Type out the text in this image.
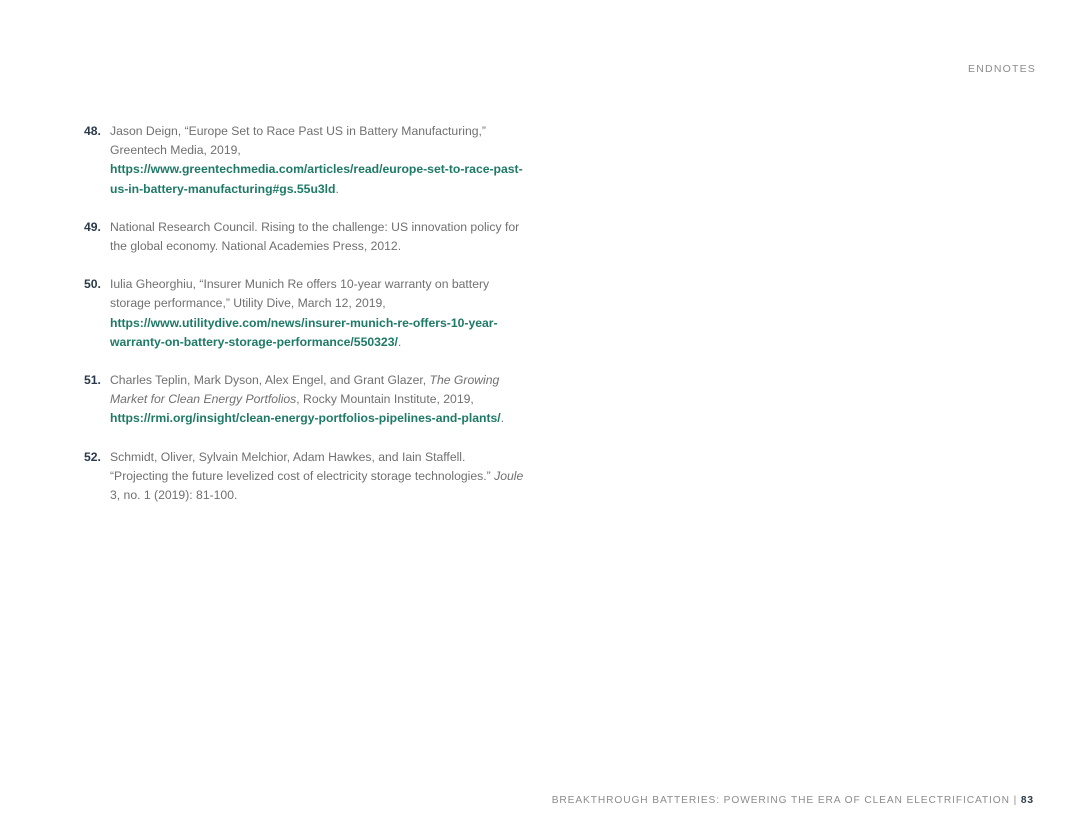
ENDNOTES
48. Jason Deign, “Europe Set to Race Past US in Battery Manufacturing,” Greentech Media, 2019, https://www.greentechmedia.com/articles/read/europe-set-to-race-past-us-in-battery-manufacturing#gs.55u3ld.
49. National Research Council. Rising to the challenge: US innovation policy for the global economy. National Academies Press, 2012.
50. Iulia Gheorghiu, “Insurer Munich Re offers 10-year warranty on battery storage performance,” Utility Dive, March 12, 2019, https://www.utilitydive.com/news/insurer-munich-re-offers-10-year-warranty-on-battery-storage-performance/550323/.
51. Charles Teplin, Mark Dyson, Alex Engel, and Grant Glazer, The Growing Market for Clean Energy Portfolios, Rocky Mountain Institute, 2019, https://rmi.org/insight/clean-energy-portfolios-pipelines-and-plants/.
52. Schmidt, Oliver, Sylvain Melchior, Adam Hawkes, and Iain Staffell. “Projecting the future levelized cost of electricity storage technologies.” Joule 3, no. 1 (2019): 81-100.
BREAKTHROUGH BATTERIES: POWERING THE ERA OF CLEAN ELECTRIFICATION | 83
